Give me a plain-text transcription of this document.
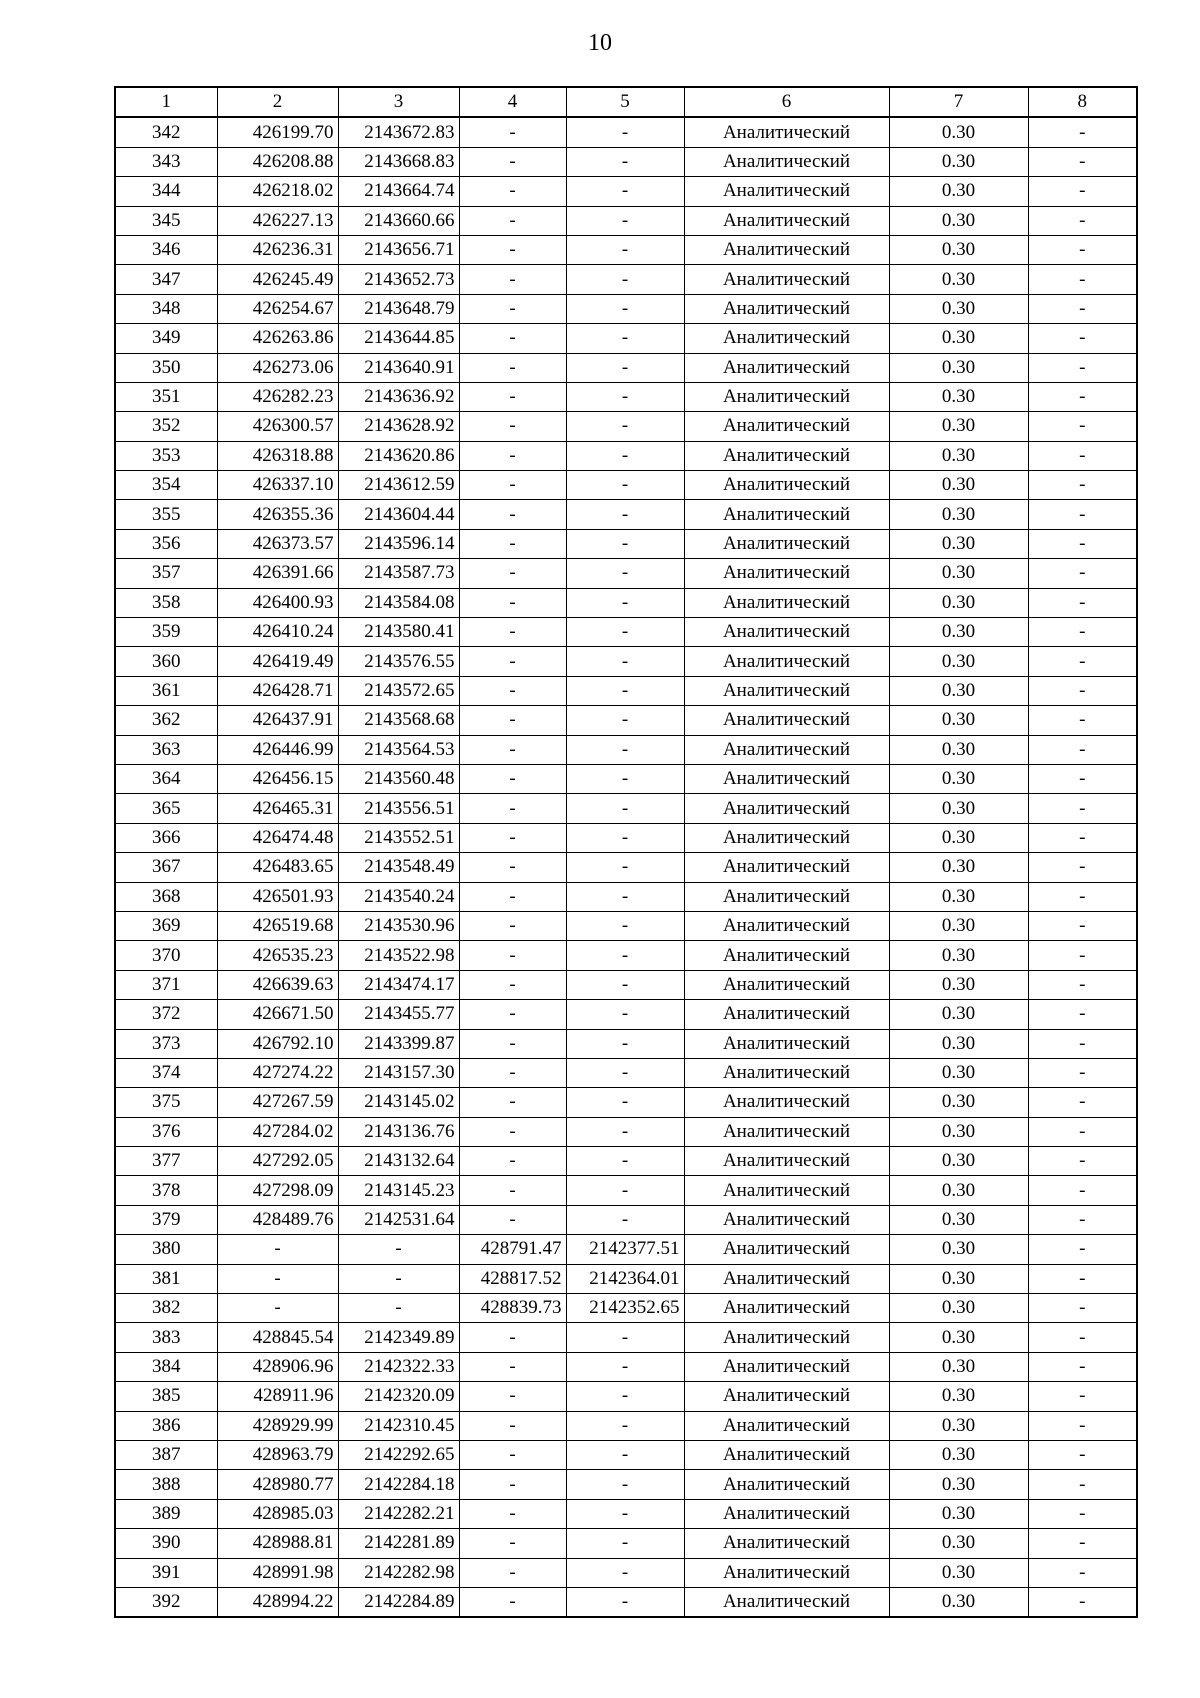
10
1	2	3	4	5	6	7	8
342	426199.70	2143672.83	-	-	Аналитический	0.30	-
343	426208.88	2143668.83	-	-	Аналитический	0.30	-
344	426218.02	2143664.74	-	-	Аналитический	0.30	-
345	426227.13	2143660.66	-	-	Аналитический	0.30	-
346	426236.31	2143656.71	-	-	Аналитический	0.30	-
347	426245.49	2143652.73	-	-	Аналитический	0.30	-
348	426254.67	2143648.79	-	-	Аналитический	0.30	-
349	426263.86	2143644.85	-	-	Аналитический	0.30	-
350	426273.06	2143640.91	-	-	Аналитический	0.30	-
351	426282.23	2143636.92	-	-	Аналитический	0.30	-
352	426300.57	2143628.92	-	-	Аналитический	0.30	-
353	426318.88	2143620.86	-	-	Аналитический	0.30	-
354	426337.10	2143612.59	-	-	Аналитический	0.30	-
355	426355.36	2143604.44	-	-	Аналитический	0.30	-
356	426373.57	2143596.14	-	-	Аналитический	0.30	-
357	426391.66	2143587.73	-	-	Аналитический	0.30	-
358	426400.93	2143584.08	-	-	Аналитический	0.30	-
359	426410.24	2143580.41	-	-	Аналитический	0.30	-
360	426419.49	2143576.55	-	-	Аналитический	0.30	-
361	426428.71	2143572.65	-	-	Аналитический	0.30	-
362	426437.91	2143568.68	-	-	Аналитический	0.30	-
363	426446.99	2143564.53	-	-	Аналитический	0.30	-
364	426456.15	2143560.48	-	-	Аналитический	0.30	-
365	426465.31	2143556.51	-	-	Аналитический	0.30	-
366	426474.48	2143552.51	-	-	Аналитический	0.30	-
367	426483.65	2143548.49	-	-	Аналитический	0.30	-
368	426501.93	2143540.24	-	-	Аналитический	0.30	-
369	426519.68	2143530.96	-	-	Аналитический	0.30	-
370	426535.23	2143522.98	-	-	Аналитический	0.30	-
371	426639.63	2143474.17	-	-	Аналитический	0.30	-
372	426671.50	2143455.77	-	-	Аналитический	0.30	-
373	426792.10	2143399.87	-	-	Аналитический	0.30	-
374	427274.22	2143157.30	-	-	Аналитический	0.30	-
375	427267.59	2143145.02	-	-	Аналитический	0.30	-
376	427284.02	2143136.76	-	-	Аналитический	0.30	-
377	427292.05	2143132.64	-	-	Аналитический	0.30	-
378	427298.09	2143145.23	-	-	Аналитический	0.30	-
379	428489.76	2142531.64	-	-	Аналитический	0.30	-
380	-	-	428791.47	2142377.51	Аналитический	0.30	-
381	-	-	428817.52	2142364.01	Аналитический	0.30	-
382	-	-	428839.73	2142352.65	Аналитический	0.30	-
383	428845.54	2142349.89	-	-	Аналитический	0.30	-
384	428906.96	2142322.33	-	-	Аналитический	0.30	-
385	428911.96	2142320.09	-	-	Аналитический	0.30	-
386	428929.99	2142310.45	-	-	Аналитический	0.30	-
387	428963.79	2142292.65	-	-	Аналитический	0.30	-
388	428980.77	2142284.18	-	-	Аналитический	0.30	-
389	428985.03	2142282.21	-	-	Аналитический	0.30	-
390	428988.81	2142281.89	-	-	Аналитический	0.30	-
391	428991.98	2142282.98	-	-	Аналитический	0.30	-
392	428994.22	2142284.89	-	-	Аналитический	0.30	-
